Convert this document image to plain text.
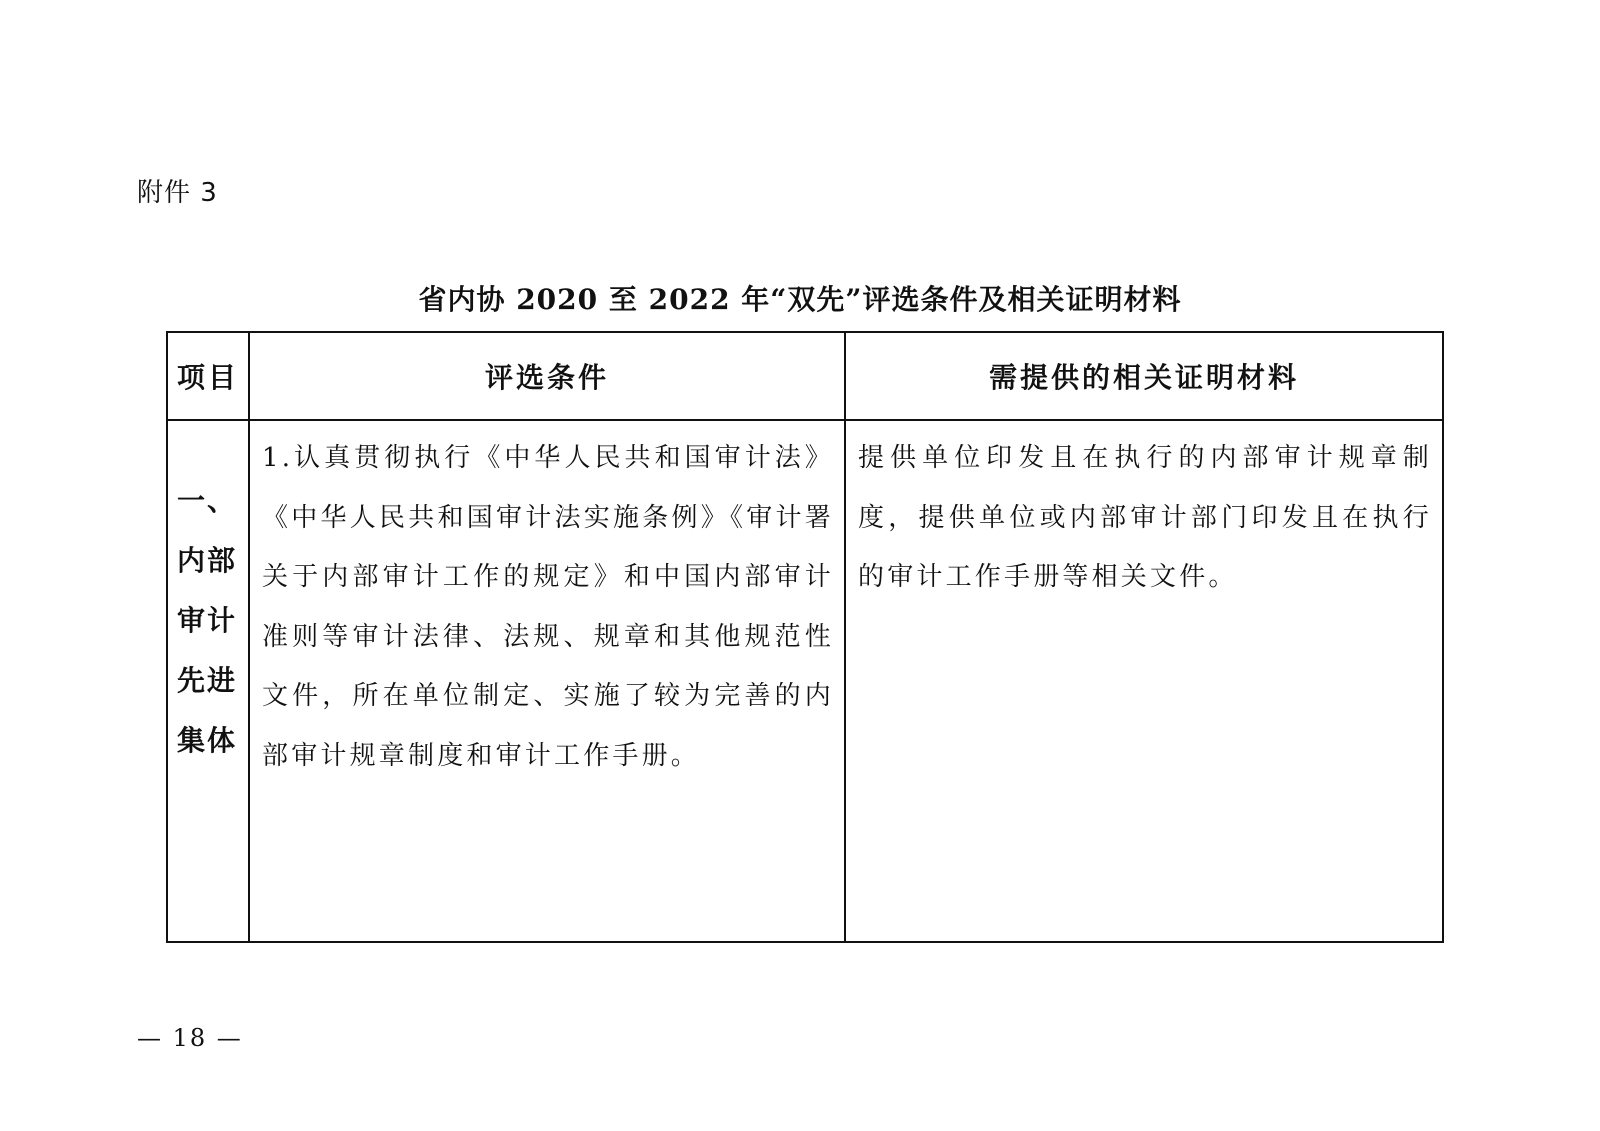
附件 3
省内协 2020 至 2022 年“双先”评选条件及相关证明材料
项目	评选条件	需提供的相关证明材料
一、内部审计先进集体	1.认真贯彻执行《中华人民共和国审计法》《中华人民共和国审计法实施条例》《审计署关于内部审计工作的规定》和中国内部审计准则等审计法律、法规、规章和其他规范性文件，所在单位制定、实施了较为完善的内部审计规章制度和审计工作手册。	提供单位印发且在执行的内部审计规章制度，提供单位或内部审计部门印发且在执行的审计工作手册等相关文件。
— 18 —
